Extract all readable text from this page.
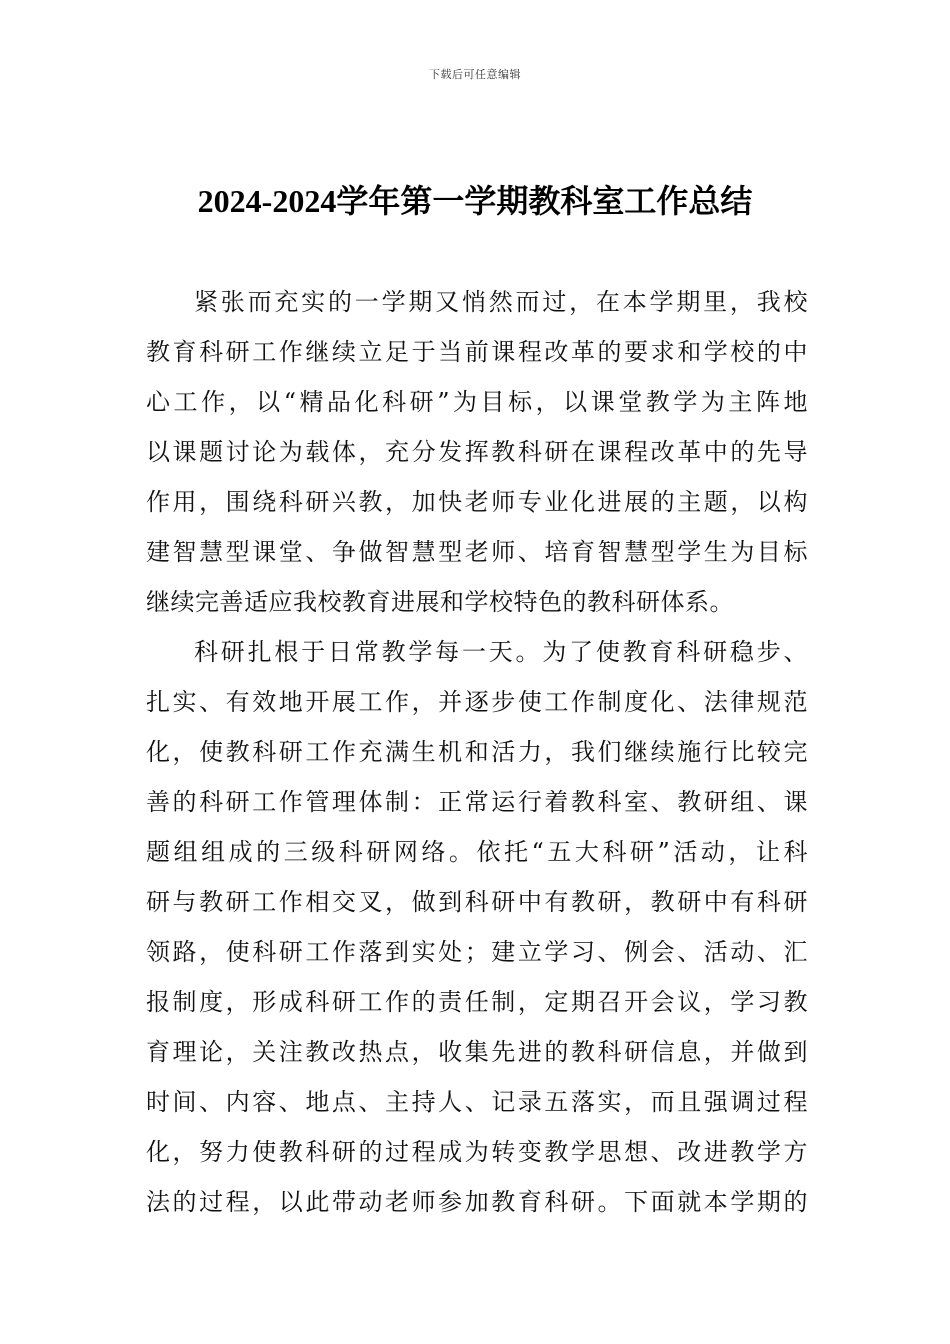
下载后可任意编辑
2024-2024学年第一学期教科室工作总结
紧张而充实的一学期又悄然而过，在本学期里，我校
教育科研工作继续立足于当前课程改革的要求和学校的中
心工作，以“精品化科研”为目标，以课堂教学为主阵地
以课题讨论为载体，充分发挥教科研在课程改革中的先导
作用，围绕科研兴教，加快老师专业化进展的主题，以构
建智慧型课堂、争做智慧型老师、培育智慧型学生为目标
继续完善适应我校教育进展和学校特色的教科研体系。
科研扎根于日常教学每一天。为了使教育科研稳步、
扎实、有效地开展工作，并逐步使工作制度化、法律规范
化，使教科研工作充满生机和活力，我们继续施行比较完
善的科研工作管理体制：正常运行着教科室、教研组、课
题组组成的三级科研网络。依托“五大科研”活动，让科
研与教研工作相交叉，做到科研中有教研，教研中有科研
领路，使科研工作落到实处；建立学习、例会、活动、汇
报制度，形成科研工作的责任制，定期召开会议，学习教
育理论，关注教改热点，收集先进的教科研信息，并做到
时间、内容、地点、主持人、记录五落实，而且强调过程
化，努力使教科研的过程成为转变教学思想、改进教学方
法的过程，以此带动老师参加教育科研。下面就本学期的
